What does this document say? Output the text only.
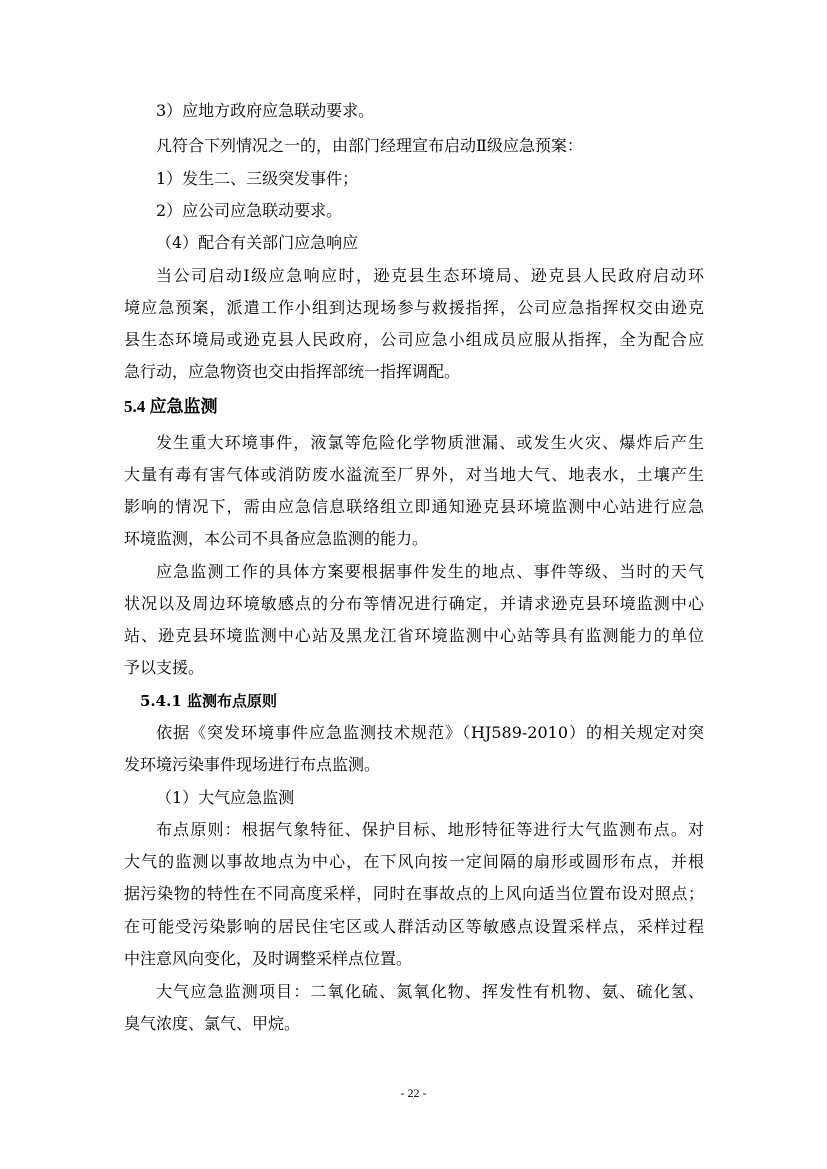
3）应地方政府应急联动要求。
凡符合下列情况之一的，由部门经理宣布启动Ⅱ级应急预案：
1）发生二、三级突发事件；
2）应公司应急联动要求。
（4）配合有关部门应急响应
当公司启动Ⅰ级应急响应时，逊克县生态环境局、逊克县人民政府启动环
境应急预案，派遣工作小组到达现场参与救援指挥，公司应急指挥权交由逊克
县生态环境局或逊克县人民政府，公司应急小组成员应服从指挥，全为配合应
急行动，应急物资也交由指挥部统一指挥调配。
5.4 应急监测
发生重大环境事件，液氯等危险化学物质泄漏、或发生火灾、爆炸后产生
大量有毒有害气体或消防废水溢流至厂界外，对当地大气、地表水，土壤产生
影响的情况下，需由应急信息联络组立即通知逊克县环境监测中心站进行应急
环境监测，本公司不具备应急监测的能力。
应急监测工作的具体方案要根据事件发生的地点、事件等级、当时的天气
状况以及周边环境敏感点的分布等情况进行确定，并请求逊克县环境监测中心
站、逊克县环境监测中心站及黑龙江省环境监测中心站等具有监测能力的单位
予以支援。
5.4.1 监测布点原则
依据《突发环境事件应急监测技术规范》（HJ589-2010）的相关规定对突
发环境污染事件现场进行布点监测。
（1）大气应急监测
布点原则：根据气象特征、保护目标、地形特征等进行大气监测布点。对
大气的监测以事故地点为中心，在下风向按一定间隔的扇形或圆形布点，并根
据污染物的特性在不同高度采样，同时在事故点的上风向适当位置布设对照点；
在可能受污染影响的居民住宅区或人群活动区等敏感点设置采样点，采样过程
中注意风向变化，及时调整采样点位置。
大气应急监测项目：二氧化硫、氮氧化物、挥发性有机物、氨、硫化氢、
臭气浓度、氯气、甲烷。
- 22 -
